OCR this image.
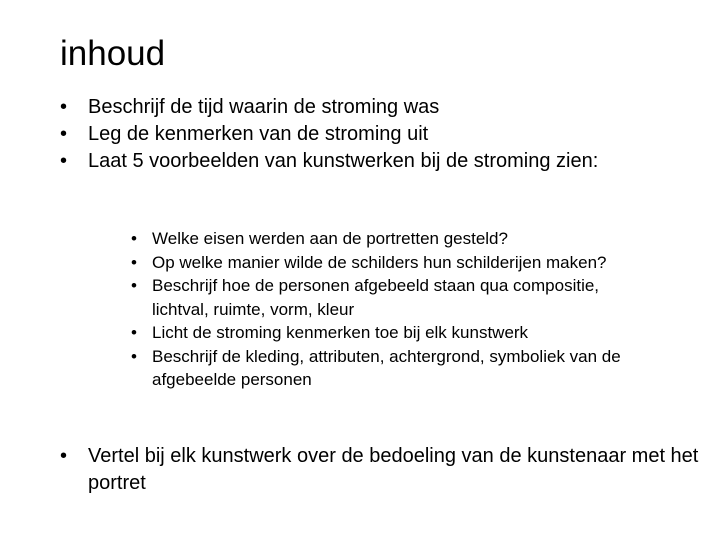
inhoud
• Beschrijf de tijd waarin de stroming was
• Leg de kenmerken van de stroming uit
• Laat 5 voorbeelden van kunstwerken bij de stroming zien:
• Welke eisen werden aan de portretten gesteld?
• Op welke manier wilde de schilders hun schilderijen maken?
• Beschrijf hoe de personen afgebeeld staan qua compositie, lichtval, ruimte, vorm, kleur
• Licht de stroming kenmerken toe bij elk kunstwerk
• Beschrijf de kleding, attributen, achtergrond, symboliek van de afgebeelde personen
• Vertel bij elk kunstwerk over de bedoeling van de kunstenaar met het portret
